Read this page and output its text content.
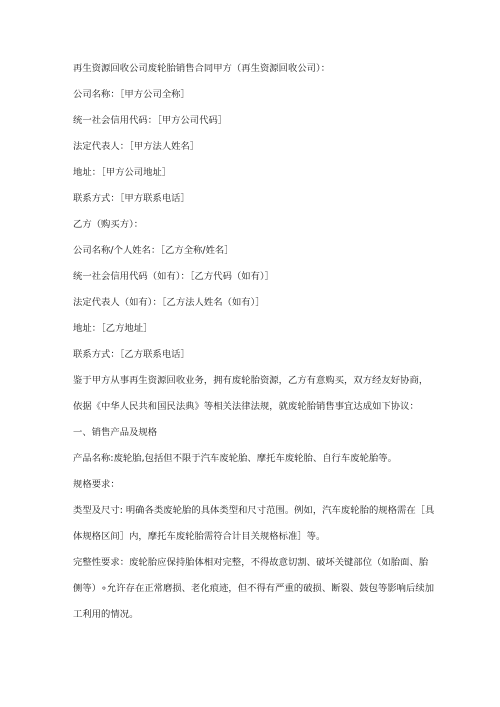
再生资源回收公司废轮胎销售合同甲方（再生资源回收公司）：
公司名称：［甲方公司全称］
统一社会信用代码：［甲方公司代码］
法定代表人：［甲方法人姓名］
地址：［甲方公司地址］
联系方式：［甲方联系电话］
乙方（购买方）：
公司名称/个人姓名：［乙方全称/姓名］
统一社会信用代码（如有）：［乙方代码（如有）］
法定代表人（如有）：［乙方法人姓名（如有）］
地址：［乙方地址］
联系方式：［乙方联系电话］
鉴于甲方从事再生资源回收业务，拥有废轮胎资源，乙方有意购买，双方经友好协商，
依据《中华人民共和国民法典》等相关法律法规，就废轮胎销售事宜达成如下协议：
一、销售产品及规格
产品名称:废轮胎,包括但不限于汽车废轮胎、摩托车废轮胎、自行车废轮胎等。
规格要求：
类型及尺寸: 明确各类废轮胎的具体类型和尺寸范围。例如，汽车废轮胎的规格需在［具
体规格区间］内，摩托车废轮胎需符合计目关规格标准］等。
完整性要求：废轮胎应保持胎体相对完整，不得故意切割、破坏关键部位（如胎面、胎
侧等）∘允许存在正常磨损、老化痕迹，但不得有严重的破损、断裂、鼓包等影响后续加
工利用的情况。
